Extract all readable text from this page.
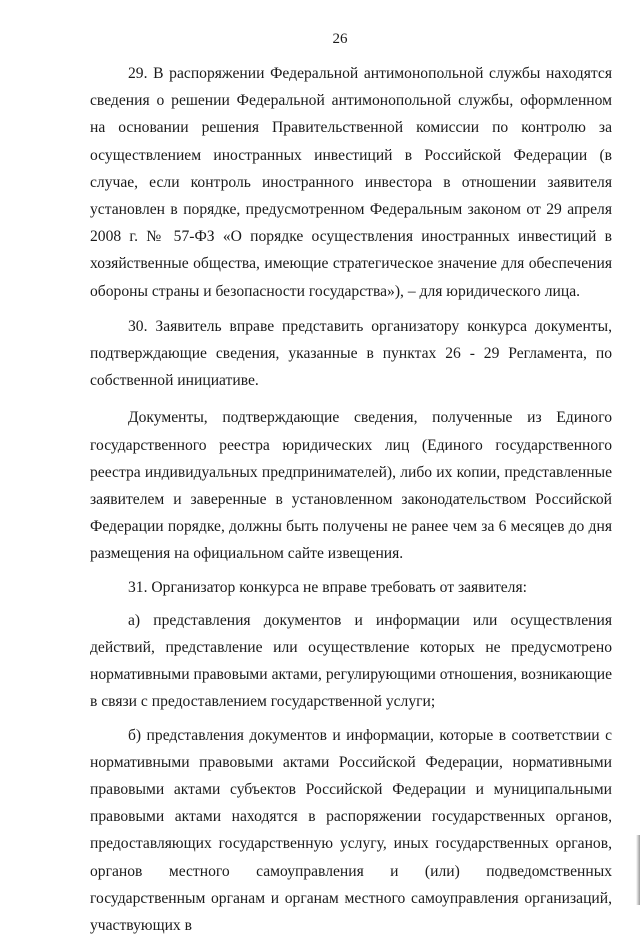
26

29. В распоряжении Федеральной антимонопольной службы находятся сведения о решении Федеральной антимонопольной службы, оформленном на основании решения Правительственной комиссии по контролю за осуществлением иностранных инвестиций в Российской Федерации (в случае, если контроль иностранного инвестора в отношении заявителя установлен в порядке, предусмотренном Федеральным законом от 29 апреля 2008 г. № 57-ФЗ «О порядке осуществления иностранных инвестиций в хозяйственные общества, имеющие стратегическое значение для обеспечения обороны страны и безопасности государства»), – для юридического лица.

30. Заявитель вправе представить организатору конкурса документы, подтверждающие сведения, указанные в пунктах 26 - 29 Регламента, по собственной инициативе.

Документы, подтверждающие сведения, полученные из Единого государственного реестра юридических лиц (Единого государственного реестра индивидуальных предпринимателей), либо их копии, представленные заявителем и заверенные в установленном законодательством Российской Федерации порядке, должны быть получены не ранее чем за 6 месяцев до дня размещения на официальном сайте извещения.

31. Организатор конкурса не вправе требовать от заявителя:

а) представления документов и информации или осуществления действий, представление или осуществление которых не предусмотрено нормативными правовыми актами, регулирующими отношения, возникающие в связи с предоставлением государственной услуги;

б) представления документов и информации, которые в соответствии с нормативными правовыми актами Российской Федерации, нормативными правовыми актами субъектов Российской Федерации и муниципальными правовыми актами находятся в распоряжении государственных органов, предоставляющих государственную услугу, иных государственных органов, органов местного самоуправления и (или) подведомственных государственным органам и органам местного самоуправления организаций, участвующих в
